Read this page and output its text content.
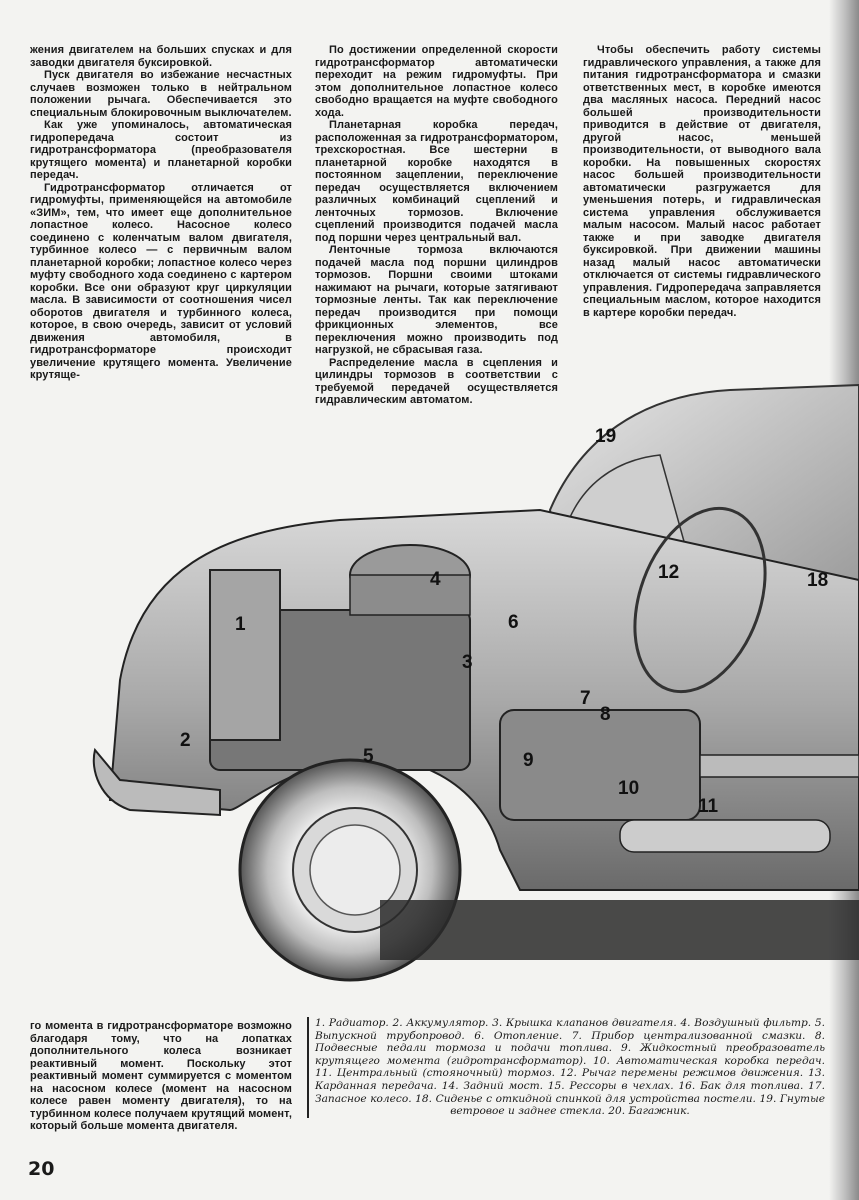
жения двигателем на больших спусках и для заводки двигателя буксировкой.

Пуск двигателя во избежание несчастных случаев возможен только в нейтральном положении рычага. Обеспечивается это специальным блокировочным выключателем.

Как уже упоминалось, автоматическая гидропередача состоит из гидротрансформатора (преобразователя крутящего момента) и планетарной коробки передач.

Гидротрансформатор отличается от гидромуфты, применяющейся на автомобиле «ЗИМ», тем, что имеет еще дополнительное лопастное колесо. Насосное колесо соединено с коленчатым валом двигателя, турбинное колесо — с первичным валом планетарной коробки; лопастное колесо через муфту свободного хода соединено с картером коробки. Все они образуют круг циркуляции масла. В зависимости от соотношения чисел оборотов двигателя и турбинного колеса, которое, в свою очередь, зависит от условий движения автомобиля, в гидротрансформаторе происходит увеличение крутящего момента. Увеличение крутяще-

По достижении определенной скорости гидротрансформатор автоматически переходит на режим гидромуфты. При этом дополнительное лопастное колесо свободно вращается на муфте свободного хода.

Планетарная коробка передач, расположенная за гидротрансформатором, трехскоростная. Все шестерни в планетарной коробке находятся в постоянном зацеплении, переключение передач осуществляется включением различных комбинаций сцеплений и ленточных тормозов. Включение сцеплений производится подачей масла под поршни через центральный вал.

Ленточные тормоза включаются подачей масла под поршни цилиндров тормозов. Поршни своими штоками нажимают на рычаги, которые затягивают тормозные ленты. Так как переключение передач производится при помощи фрикционных элементов, все переключения можно производить под нагрузкой, не сбрасывая газа.

Распределение масла в сцепления и цилиндры тормозов в соответствии с требуемой передачей осуществляется гидравлическим автоматом.

Чтобы обеспечить работу системы гидравлического управления, а также для питания гидротрансформатора и смазки ответственных мест, в коробке имеются два масляных насоса. Передний насос большей производительности приводится в действие от двигателя, другой насос, меньшей производительности, от выводного вала коробки. На повышенных скоростях насос большей производительности автоматически разгружается для уменьшения потерь, и гидравлическая система управления обслуживается малым насосом. Малый насос работает также и при заводке двигателя буксировкой. При движении машины назад малый насос автоматически отключается от системы гидравлического управления. Гидропередача заправляется специальным маслом, которое находится в картере коробки передач.

19
4	12	18
1	6
3
2
7
8
5	9
10
11

го момента в гидротрансформаторе возможно благодаря тому, что на лопатках дополнительного колеса возникает реактивный момент. Поскольку этот реактивный момент суммируется с моментом на насосном колесе (момент на насосном колесе равен моменту двигателя), то на турбинном колесе получаем крутящий момент, который больше момента двигателя.

1. Радиатор. 2. Аккумулятор. 3. Крышка клапанов двигателя. 4. Воздушный фильтр. 5. Выпускной трубопровод. 6. Отопление. 7. Прибор централизованной смазки. 8. Подвесные педали тормоза и подачи топлива. 9. Жидкостный преобразователь крутящего момента (гидротрансформатор). 10. Автоматическая коробка передач. 11. Центральный (стояночный) тормоз. 12. Рычаг перемены режимов движения. 13. Карданная передача. 14. Задний мост. 15. Рессоры в чехлах. 16. Бак для топлива. 17. Запасное колесо. 18. Сиденье с откидной спинкой для устройства постели. 19. Гнутые ветровое и заднее стекла. 20. Багажник.
20
